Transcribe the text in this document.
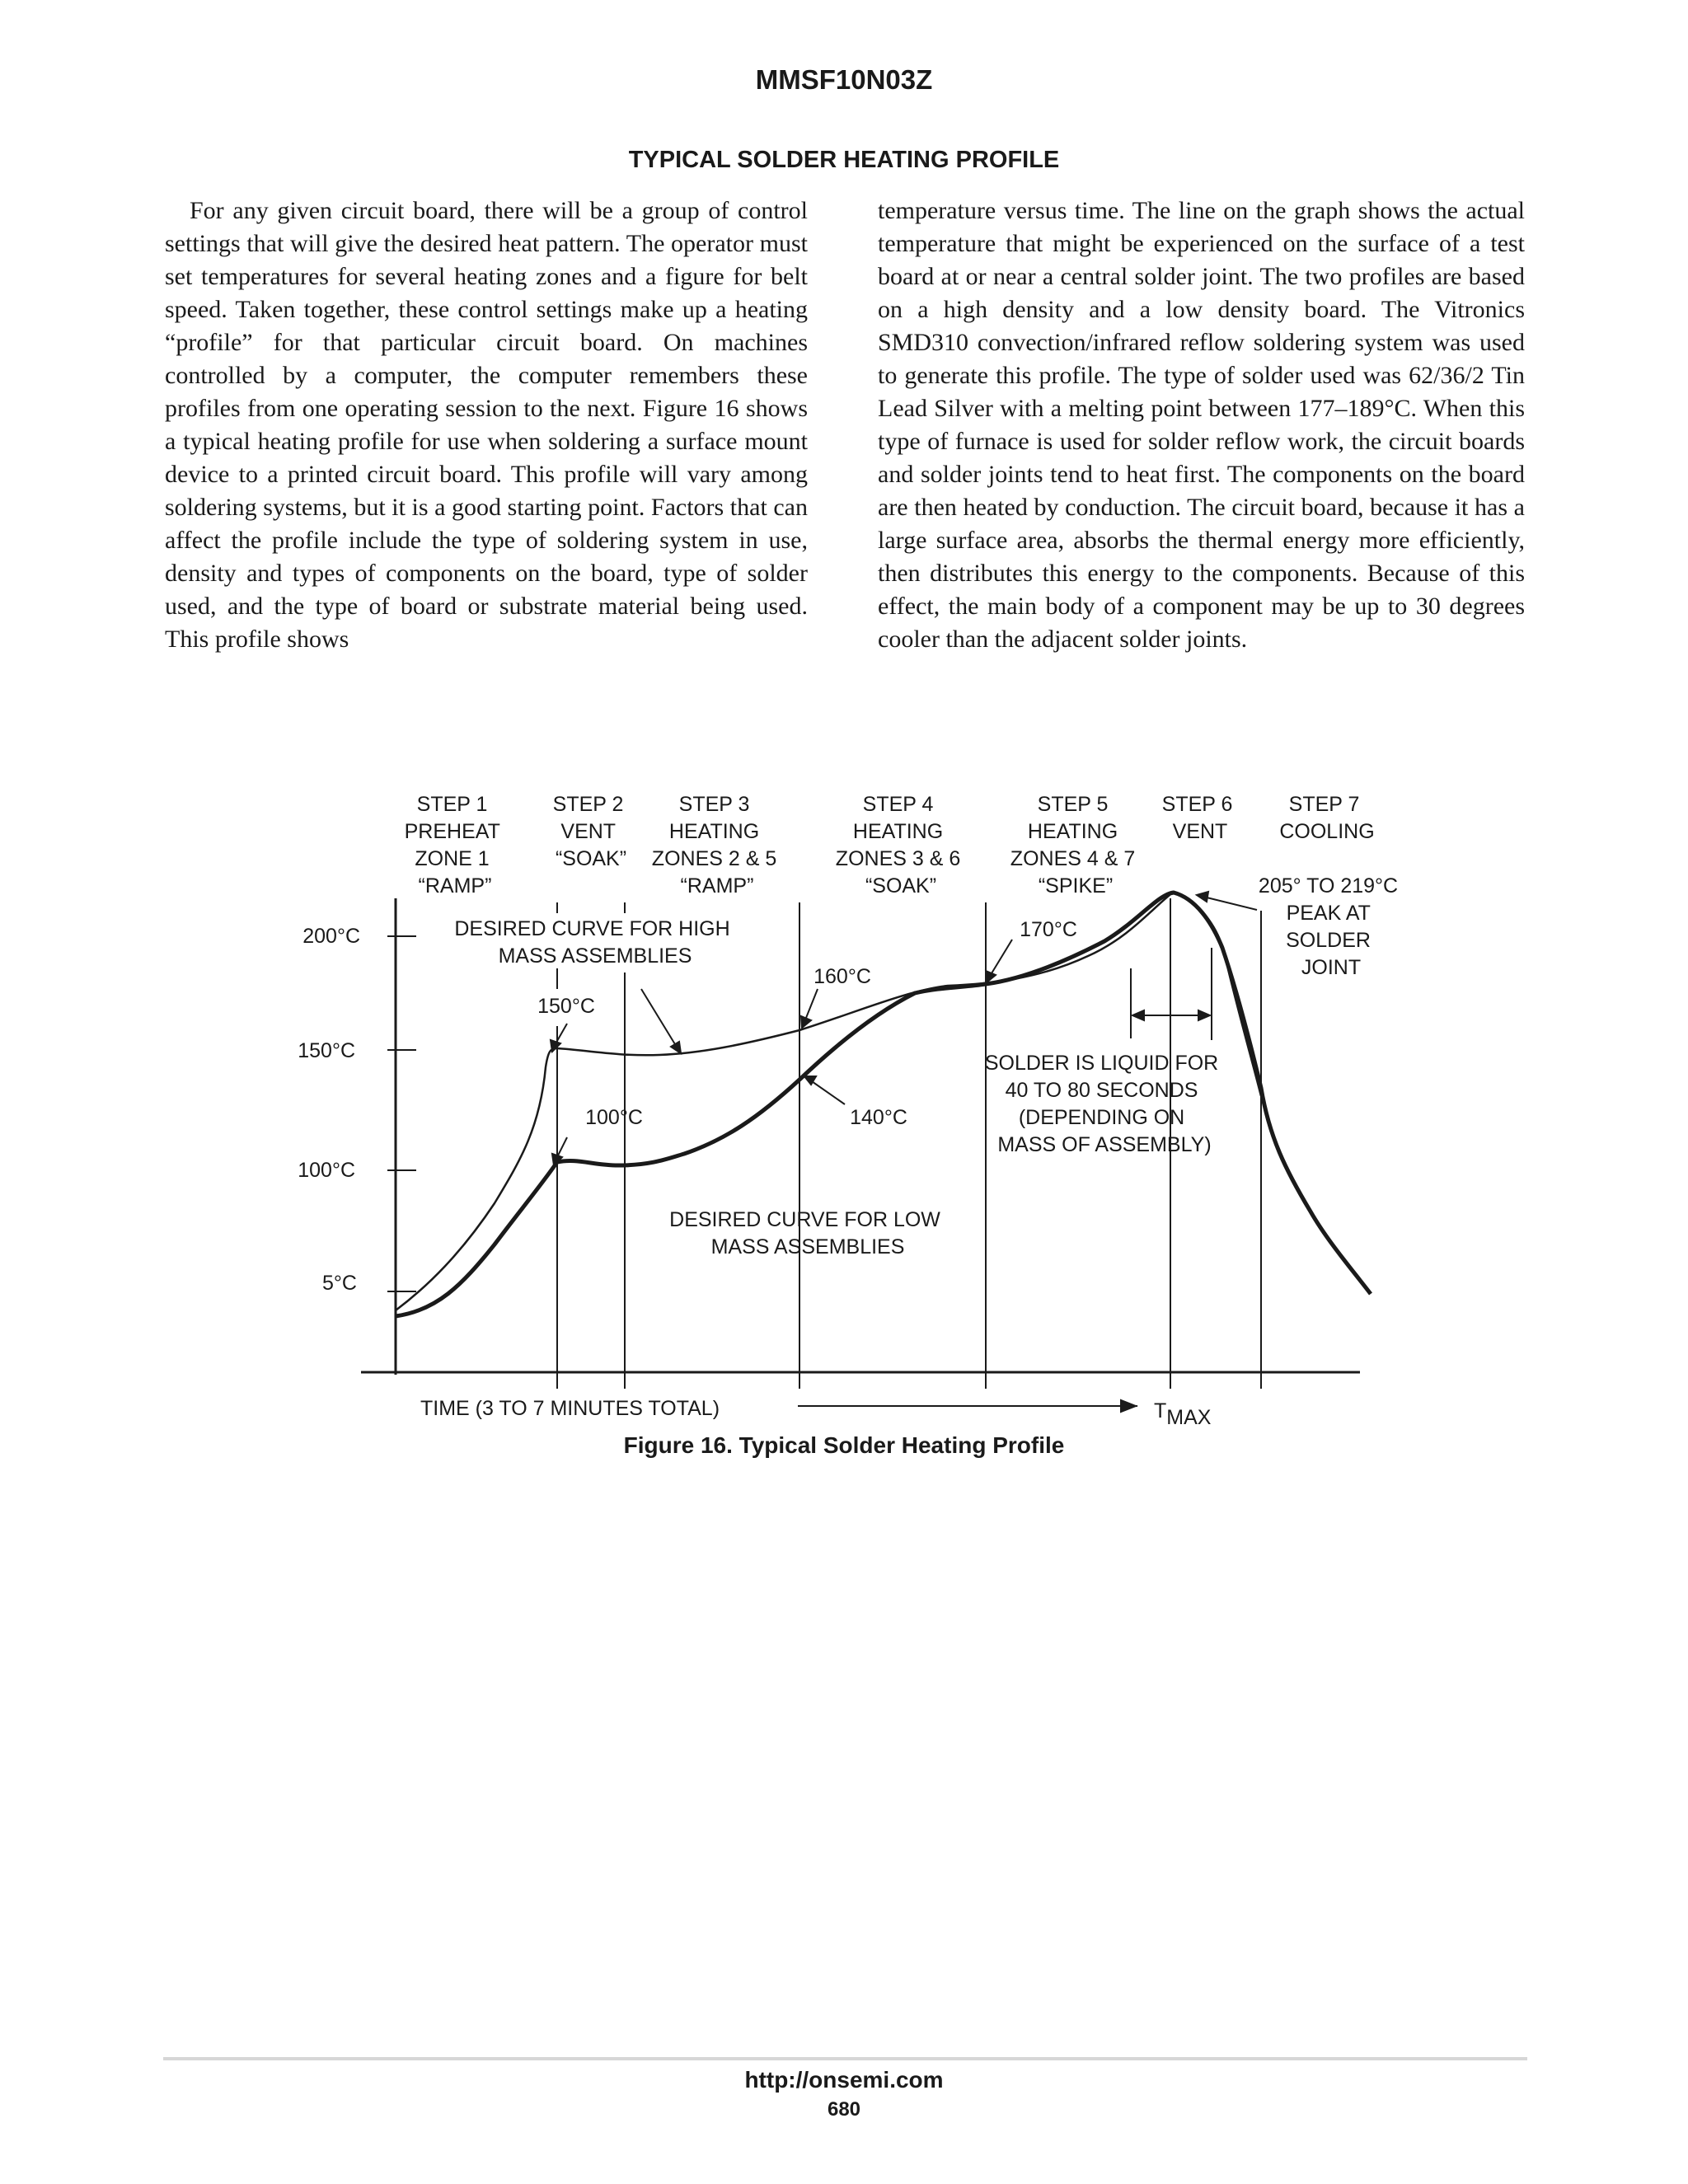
MMSF10N03Z
TYPICAL SOLDER HEATING PROFILE

For any given circuit board, there will be a group of control settings that will give the desired heat pattern. The operator must set temperatures for several heating zones and a figure for belt speed. Taken together, these control settings make up a heating “profile” for that particular circuit board. On machines controlled by a computer, the computer remembers these profiles from one operating session to the next. Figure 16 shows a typical heating profile for use when soldering a surface mount device to a printed circuit board. This profile will vary among soldering systems, but it is a good starting point. Factors that can affect the profile include the type of soldering system in use, density and types of components on the board, type of solder used, and the type of board or substrate material being used. This profile shows

temperature versus time. The line on the graph shows the actual temperature that might be experienced on the surface of a test board at or near a central solder joint. The two profiles are based on a high density and a low density board. The Vitronics SMD310 convection/infrared reflow soldering system was used to generate this profile. The type of solder used was 62/36/2 Tin Lead Silver with a melting point between 177–189°C. When this type of furnace is used for solder reflow work, the circuit boards and solder joints tend to heat first. The components on the board are then heated by conduction. The circuit board, because it has a large surface area, absorbs the thermal energy more efficiently, then distributes this energy to the components. Because of this effect, the main body of a component may be up to 30 degrees cooler than the adjacent solder joints.

STEP 1 PREHEAT ZONE 1 “RAMP”
STEP 2 VENT “SOAK”
STEP 3 HEATING ZONES 2 & 5 “RAMP”
STEP 4 HEATING ZONES 3 & 6 “SOAK”
STEP 5 HEATING ZONES 4 & 7 “SPIKE”
STEP 6 VENT
STEP 7 COOLING
200°C
150°C
100°C
5°C
DESIRED CURVE FOR HIGH MASS ASSEMBLIES
150°C
100°C
160°C
140°C
170°C
205° TO 219°C PEAK AT SOLDER JOINT
SOLDER IS LIQUID FOR 40 TO 80 SECONDS (DEPENDING ON MASS OF ASSEMBLY)
DESIRED CURVE FOR LOW MASS ASSEMBLIES
TIME (3 TO 7 MINUTES TOTAL)	TMAX
Figure 16. Typical Solder Heating Profile
http://onsemi.com
680
